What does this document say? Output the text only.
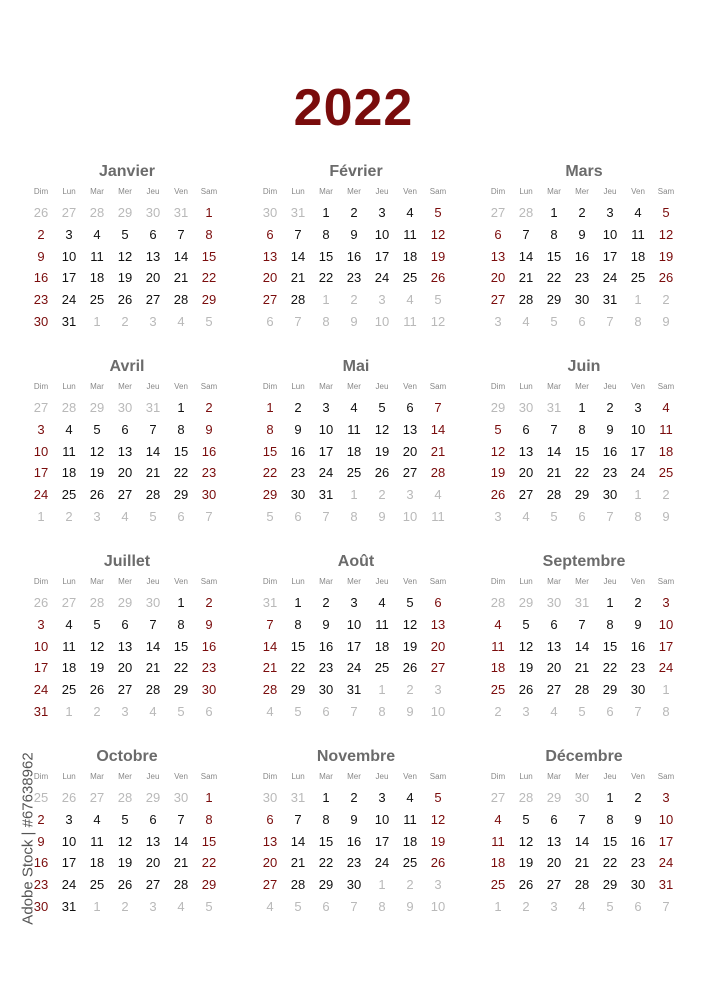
2022
Janvier
Dim	Lun	Mar	Mer	Jeu	Ven	Sam
26	27	28	29	30	31	1
2	3	4	5	6	7	8
9	10	11	12	13	14	15
16	17	18	19	20	21	22
23	24	25	26	27	28	29
30	31	1	2	3	4	5
Février
Dim	Lun	Mar	Mer	Jeu	Ven	Sam
30	31	1	2	3	4	5
6	7	8	9	10	11	12
13	14	15	16	17	18	19
20	21	22	23	24	25	26
27	28	1	2	3	4	5
6	7	8	9	10	11	12
Mars
Dim	Lun	Mar	Mer	Jeu	Ven	Sam
27	28	1	2	3	4	5
6	7	8	9	10	11	12
13	14	15	16	17	18	19
20	21	22	23	24	25	26
27	28	29	30	31	1	2
3	4	5	6	7	8	9
Avril
Dim	Lun	Mar	Mer	Jeu	Ven	Sam
27	28	29	30	31	1	2
3	4	5	6	7	8	9
10	11	12	13	14	15	16
17	18	19	20	21	22	23
24	25	26	27	28	29	30
1	2	3	4	5	6	7
Mai
Dim	Lun	Mar	Mer	Jeu	Ven	Sam
1	2	3	4	5	6	7
8	9	10	11	12	13	14
15	16	17	18	19	20	21
22	23	24	25	26	27	28
29	30	31	1	2	3	4
5	6	7	8	9	10	11
Juin
Dim	Lun	Mar	Mer	Jeu	Ven	Sam
29	30	31	1	2	3	4
5	6	7	8	9	10	11
12	13	14	15	16	17	18
19	20	21	22	23	24	25
26	27	28	29	30	1	2
3	4	5	6	7	8	9
Juillet
Dim	Lun	Mar	Mer	Jeu	Ven	Sam
26	27	28	29	30	1	2
3	4	5	6	7	8	9
10	11	12	13	14	15	16
17	18	19	20	21	22	23
24	25	26	27	28	29	30
31	1	2	3	4	5	6
Août
Dim	Lun	Mar	Mer	Jeu	Ven	Sam
31	1	2	3	4	5	6
7	8	9	10	11	12	13
14	15	16	17	18	19	20
21	22	23	24	25	26	27
28	29	30	31	1	2	3
4	5	6	7	8	9	10
Septembre
Dim	Lun	Mar	Mer	Jeu	Ven	Sam
28	29	30	31	1	2	3
4	5	6	7	8	9	10
11	12	13	14	15	16	17
18	19	20	21	22	23	24
25	26	27	28	29	30	1
2	3	4	5	6	7	8
Octobre
Dim	Lun	Mar	Mer	Jeu	Ven	Sam
25	26	27	28	29	30	1
2	3	4	5	6	7	8
9	10	11	12	13	14	15
16	17	18	19	20	21	22
23	24	25	26	27	28	29
30	31	1	2	3	4	5
Novembre
Dim	Lun	Mar	Mer	Jeu	Ven	Sam
30	31	1	2	3	4	5
6	7	8	9	10	11	12
13	14	15	16	17	18	19
20	21	22	23	24	25	26
27	28	29	30	1	2	3
4	5	6	7	8	9	10
Décembre
Dim	Lun	Mar	Mer	Jeu	Ven	Sam
27	28	29	30	1	2	3
4	5	6	7	8	9	10
11	12	13	14	15	16	17
18	19	20	21	22	23	24
25	26	27	28	29	30	31
1	2	3	4	5	6	7
Adobe Stock | #67638962
